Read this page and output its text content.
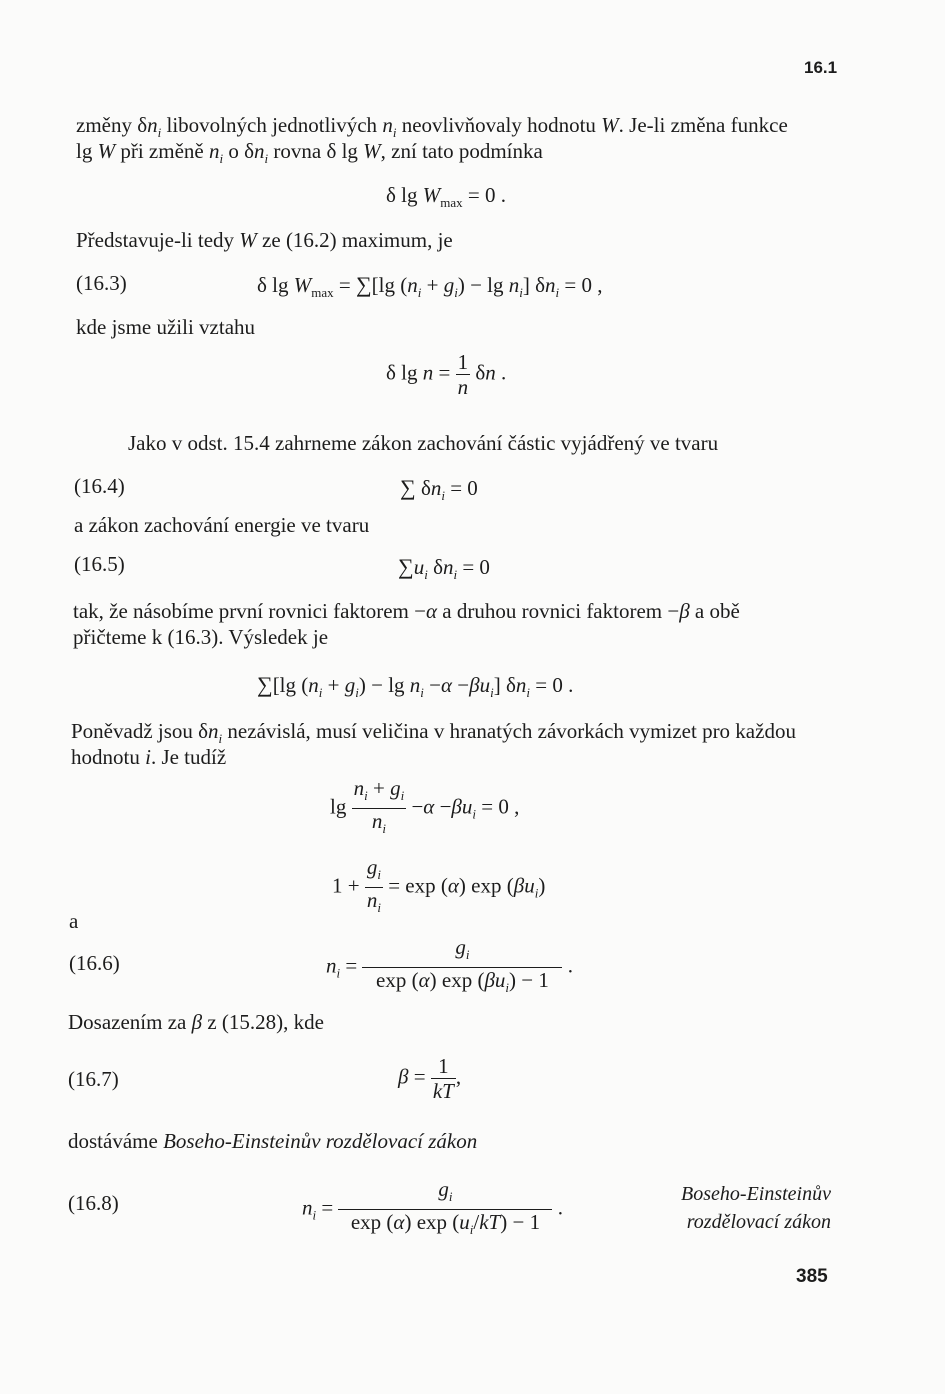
16.1
změny $\delta n_i$ libovolných jednotlivých $n_i$ neovlivňovaly hodnotu W. Je-li změna funkce
lg W při změně $n_i$ o $\delta n_i$ rovna δ lg W, zní tato podmínka
δ $\lg W_{max} = 0$ .
Představuje-li tedy W ze (16.2) maximum, je
(16.3)	δ $\lg W_{max} = \sum[\lg$ $(n_i + g_i) - \lg n_i$] $\delta n_i = 0$ ,
kde jsme užili vztahu
δ $\lg n = \frac{1}{n}$ δn .
Jako v odst. 15.4 zahrneme zákon zachování částic vyjádřený ve tvaru
(16.4)	∑ $\delta n_i = 0$
a zákon zachování energie ve tvaru
(16.5)	$\sum u_i$ $\delta n_i = 0$
tak, že násobíme první rovnici faktorem −α a druhou rovnici faktorem −β a obě
přičteme k (16.3). Výsledek je
∑[lg $(n_i + g_i) - \lg n_i -\alpha -\beta u_i$] $\delta n_i = 0$ .
Poněvadž jsou $\delta n_i$ nezávislá, musí veličina v hranatých závorkách vymizet pro každou
hodnotu i. Je tudíž
$\lg \frac{n_i + g_i}{n_i} -\alpha -\beta u_i = 0$ ,
$1 + \frac{g_i}{n_i} = \exp (\alpha)$ $\exp (\beta u_i)$
a
(16.6)	$n_i = \frac{g_i}{\exp (\alpha) \exp (\beta u_i) - 1}$ .
Dosazením za β z (15.28), kde
(16.7)	$\beta = \frac{1}{kT}$ ,
dostáváme Boseho-Einsteinův rozdělovací zákon
(16.8)	$n_i = \frac{g_i}{\exp (\alpha) \exp (u_i/kT) - 1}$ .
Boseho-Einsteinův
rozdělovací zákon
385
